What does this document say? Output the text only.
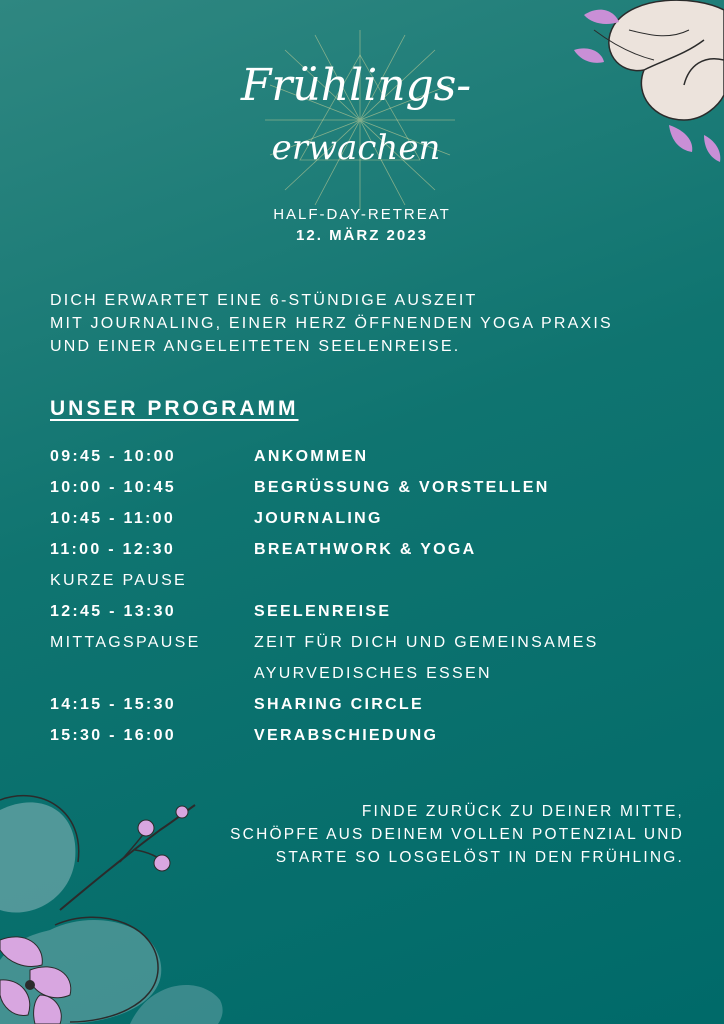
Frühlings-
erwachen
HALF-DAY-RETREAT
12. MÄRZ 2023
DICH ERWARTET EINE 6-STÜNDIGE AUSZEIT
MIT JOURNALING, EINER HERZ ÖFFNENDEN YOGA PRAXIS
UND EINER ANGELEITETEN SEELENREISE.
UNSER PROGRAMM
09:45 - 10:00	ANKOMMEN
10:00 - 10:45	BEGRÜSSUNG & VORSTELLEN
10:45 - 11:00	JOURNALING
11:00 - 12:30	BREATHWORK & YOGA
KURZE PAUSE
12:45 - 13:30	SEELENREISE
MITTAGSPAUSE	ZEIT FÜR DICH UND GEMEINSAMES
AYURVEDISCHES ESSEN
14:15 - 15:30	SHARING CIRCLE
15:30 - 16:00	VERABSCHIEDUNG
FINDE ZURÜCK ZU DEINER MITTE,
SCHÖPFE AUS DEINEM VOLLEN POTENZIAL UND
STARTE SO LOSGELÖST IN DEN FRÜHLING.
